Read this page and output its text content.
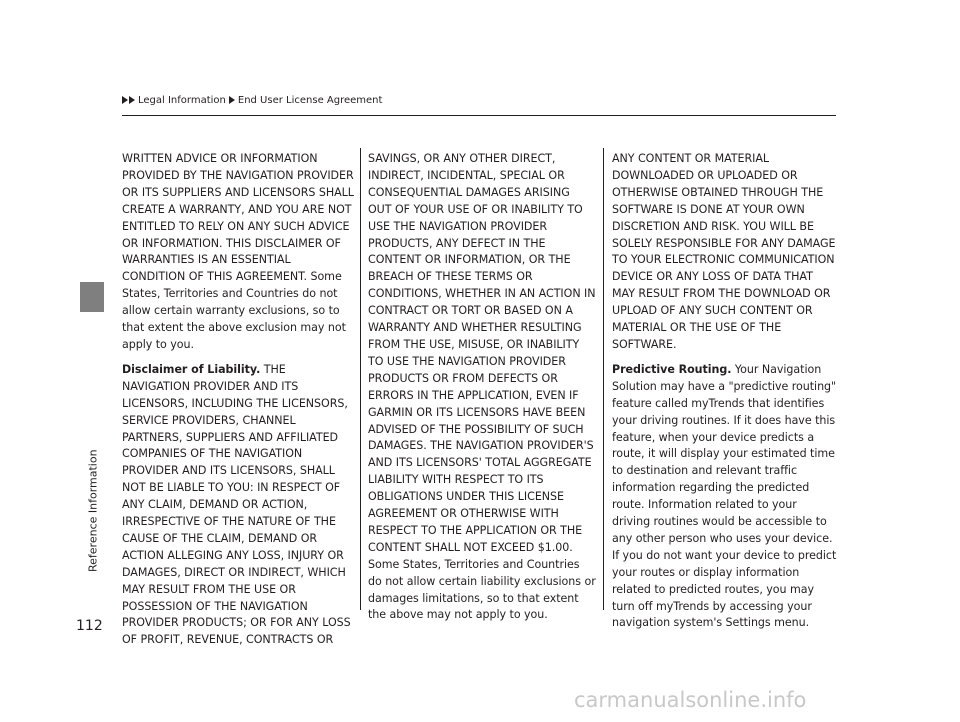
Legal Information End User License Agreement
Reference Information

WRITTEN ADVICE OR INFORMATION PROVIDED BY THE NAVIGATION PROVIDER OR ITS SUPPLIERS AND LICENSORS SHALL CREATE A WARRANTY, AND YOU ARE NOT ENTITLED TO RELY ON ANY SUCH ADVICE OR INFORMATION. THIS DISCLAIMER OF WARRANTIES IS AN ESSENTIAL CONDITION OF THIS AGREEMENT. Some States, Territories and Countries do not allow certain warranty exclusions, so to that extent the above exclusion may not apply to you.

Disclaimer of Liability. THE NAVIGATION PROVIDER AND ITS LICENSORS, INCLUDING THE LICENSORS, SERVICE PROVIDERS, CHANNEL PARTNERS, SUPPLIERS AND AFFILIATED COMPANIES OF THE NAVIGATION PROVIDER AND ITS LICENSORS, SHALL NOT BE LIABLE TO YOU: IN RESPECT OF ANY CLAIM, DEMAND OR ACTION, IRRESPECTIVE OF THE NATURE OF THE CAUSE OF THE CLAIM, DEMAND OR ACTION ALLEGING ANY LOSS, INJURY OR DAMAGES, DIRECT OR INDIRECT, WHICH MAY RESULT FROM THE USE OR POSSESSION OF THE NAVIGATION PROVIDER PRODUCTS; OR FOR ANY LOSS OF PROFIT, REVENUE, CONTRACTS OR

SAVINGS, OR ANY OTHER DIRECT, INDIRECT, INCIDENTAL, SPECIAL OR CONSEQUENTIAL DAMAGES ARISING OUT OF YOUR USE OF OR INABILITY TO USE THE NAVIGATION PROVIDER PRODUCTS, ANY DEFECT IN THE CONTENT OR INFORMATION, OR THE BREACH OF THESE TERMS OR CONDITIONS, WHETHER IN AN ACTION IN CONTRACT OR TORT OR BASED ON A WARRANTY AND WHETHER RESULTING FROM THE USE, MISUSE, OR INABILITY TO USE THE NAVIGATION PROVIDER PRODUCTS OR FROM DEFECTS OR ERRORS IN THE APPLICATION, EVEN IF GARMIN OR ITS LICENSORS HAVE BEEN ADVISED OF THE POSSIBILITY OF SUCH DAMAGES. THE NAVIGATION PROVIDER'S AND ITS LICENSORS' TOTAL AGGREGATE LIABILITY WITH RESPECT TO ITS OBLIGATIONS UNDER THIS LICENSE AGREEMENT OR OTHERWISE WITH RESPECT TO THE APPLICATION OR THE CONTENT SHALL NOT EXCEED $1.00. Some States, Territories and Countries do not allow certain liability exclusions or damages limitations, so to that extent the above may not apply to you.

ANY CONTENT OR MATERIAL DOWNLOADED OR UPLOADED OR OTHERWISE OBTAINED THROUGH THE SOFTWARE IS DONE AT YOUR OWN DISCRETION AND RISK. YOU WILL BE SOLELY RESPONSIBLE FOR ANY DAMAGE TO YOUR ELECTRONIC COMMUNICATION DEVICE OR ANY LOSS OF DATA THAT MAY RESULT FROM THE DOWNLOAD OR UPLOAD OF ANY SUCH CONTENT OR MATERIAL OR THE USE OF THE SOFTWARE.

Predictive Routing. Your Navigation Solution may have a "predictive routing" feature called myTrends that identifies your driving routines. If it does have this feature, when your device predicts a route, it will display your estimated time to destination and relevant traffic information regarding the predicted route. Information related to your driving routines would be accessible to any other person who uses your device. If you do not want your device to predict your routes or display information related to predicted routes, you may turn off myTrends by accessing your navigation system's Settings menu.

112
carmanualsonline.info
